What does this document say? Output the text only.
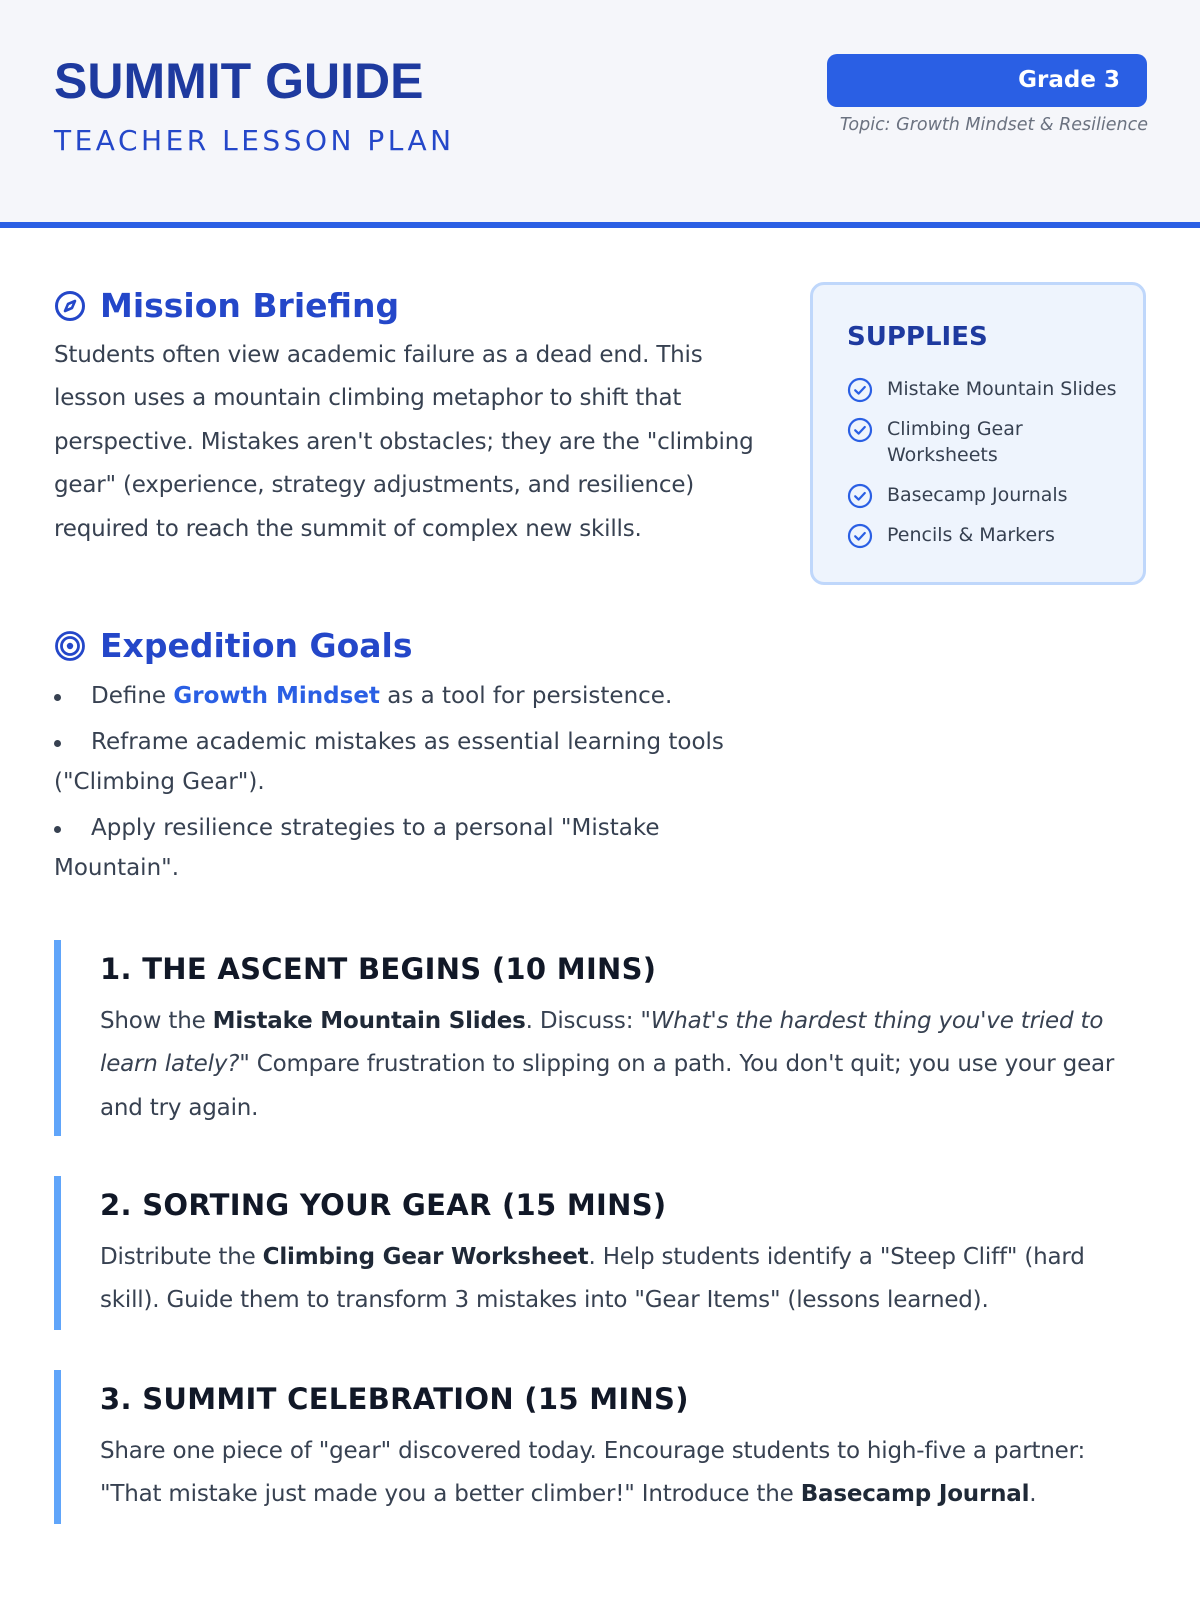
SUMMIT GUIDE
TEACHER LESSON PLAN
Grade 3
Topic: Growth Mindset & Resilience
Mission Briefing

Students often view academic failure as a dead end. This lesson uses a mountain climbing metaphor to shift that perspective. Mistakes aren't obstacles; they are the "climbing gear" (experience, strategy adjustments, and resilience) required to reach the summit of complex new skills.

SUPPLIES
Mistake Mountain Slides
Climbing Gear Worksheets
Basecamp Journals
Pencils & Markers
Expedition Goals
Define Growth Mindset as a tool for persistence.
Reframe academic mistakes as essential learning tools ("Climbing Gear").
Apply resilience strategies to a personal "Mistake Mountain".
1. THE ASCENT BEGINS (10 MINS)

Show the Mistake Mountain Slides. Discuss: "What's the hardest thing you've tried to learn lately?" Compare frustration to slipping on a path. You don't quit; you use your gear and try again.

2. SORTING YOUR GEAR (15 MINS)

Distribute the Climbing Gear Worksheet. Help students identify a "Steep Cliff" (hard skill). Guide them to transform 3 mistakes into "Gear Items" (lessons learned).

3. SUMMIT CELEBRATION (15 MINS)

Share one piece of "gear" discovered today. Encourage students to high-five a partner: "That mistake just made you a better climber!" Introduce the Basecamp Journal.
